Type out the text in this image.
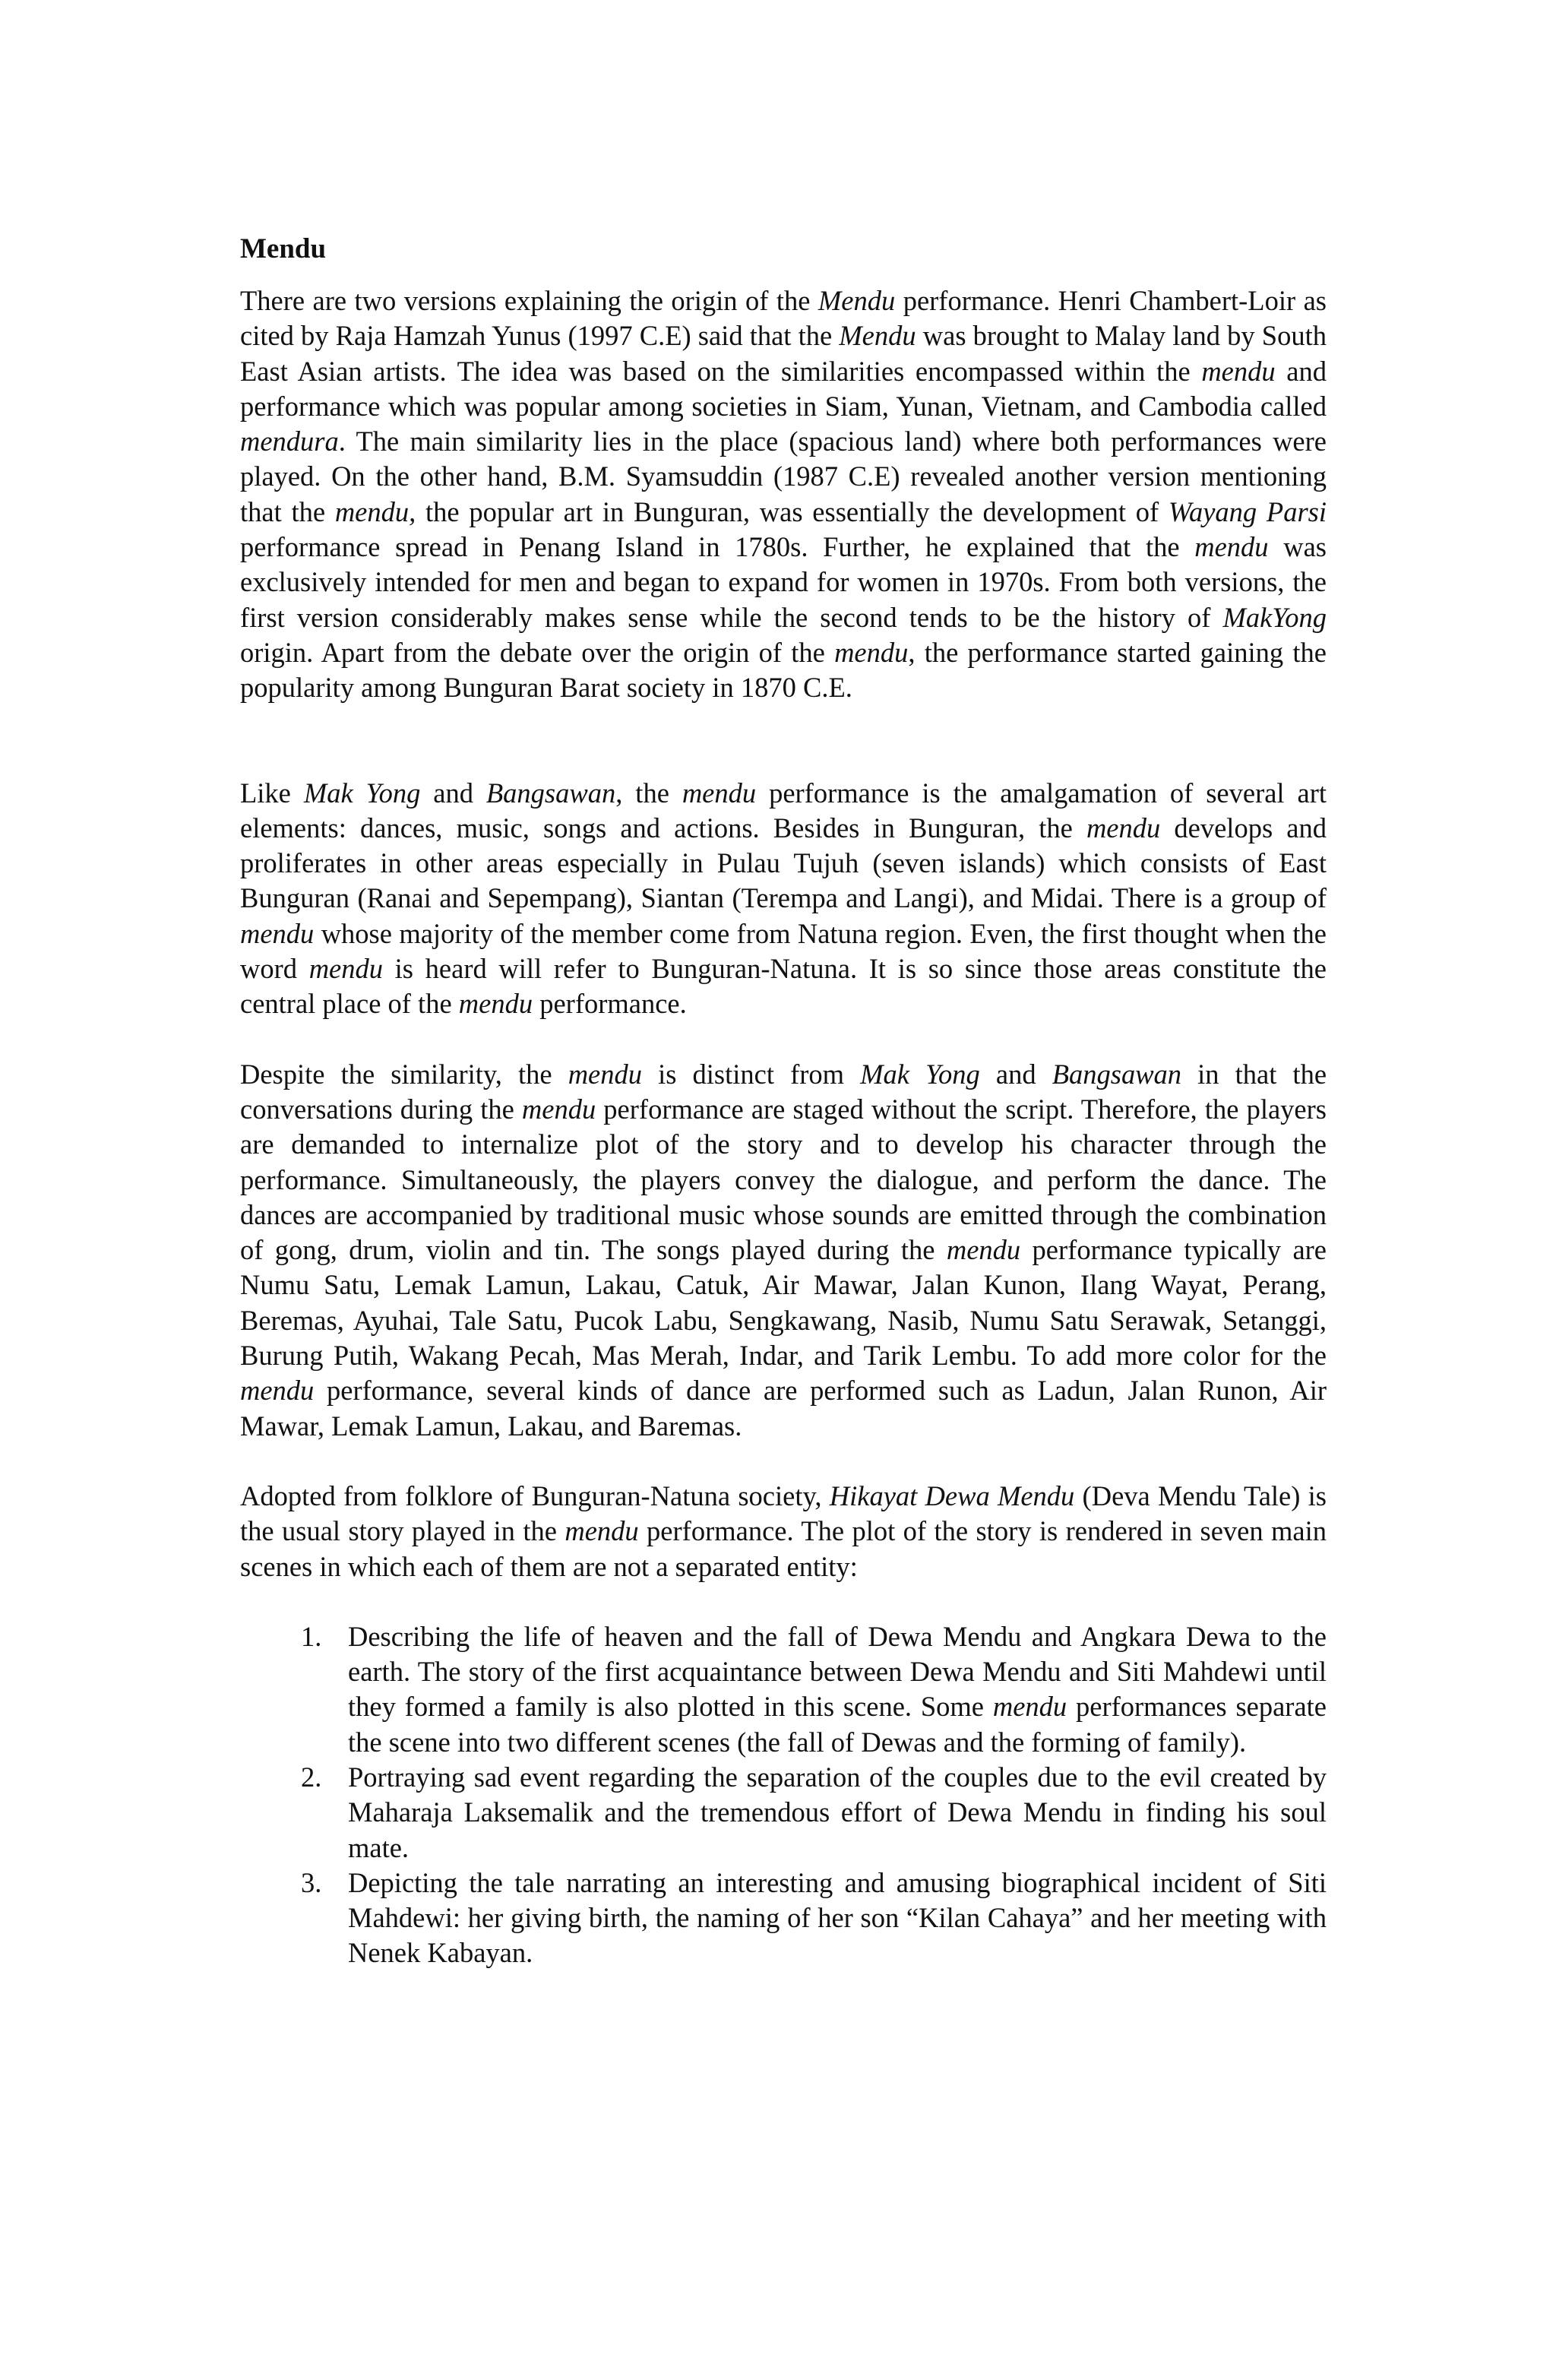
Mendu

There are two versions explaining the origin of the Mendu performance. Henri Chambert-Loir as cited by Raja Hamzah Yunus (1997 C.E) said that the Mendu was brought to Malay land by South East Asian artists. The idea was based on the similarities encompassed within the mendu and performance which was popular among societies in Siam, Yunan, Vietnam, and Cambodia called mendura. The main similarity lies in the place (spacious land) where both performances were played. On the other hand, B.M. Syamsuddin (1987 C.E) revealed another version mentioning that the mendu, the popular art in Bunguran, was essentially the development of Wayang Parsi performance spread in Penang Island in 1780s. Further, he explained that the mendu was exclusively intended for men and began to expand for women in 1970s. From both versions, the first version considerably makes sense while the second tends to be the history of MakYong origin. Apart from the debate over the origin of the mendu, the performance started gaining the popularity among Bunguran Barat society in 1870 C.E.

Like Mak Yong and Bangsawan, the mendu performance is the amalgamation of several art elements: dances, music, songs and actions. Besides in Bunguran, the mendu develops and proliferates in other areas especially in Pulau Tujuh (seven islands) which consists of East Bunguran (Ranai and Sepempang), Siantan (Terempa and Langi), and Midai. There is a group of mendu whose majority of the member come from Natuna region. Even, the first thought when the word mendu is heard will refer to Bunguran-Natuna. It is so since those areas constitute the central place of the mendu performance.

Despite the similarity, the mendu is distinct from Mak Yong and Bangsawan in that the conversations during the mendu performance are staged without the script. Therefore, the players are demanded to internalize plot of the story and to develop his character through the performance. Simultaneously, the players convey the dialogue, and perform the dance. The dances are accompanied by traditional music whose sounds are emitted through the combination of gong, drum, violin and tin. The songs played during the mendu performance typically are Numu Satu, Lemak Lamun, Lakau, Catuk, Air Mawar, Jalan Kunon, Ilang Wayat, Perang, Beremas, Ayuhai, Tale Satu, Pucok Labu, Sengkawang, Nasib, Numu Satu Serawak, Setanggi, Burung Putih, Wakang Pecah, Mas Merah, Indar, and Tarik Lembu. To add more color for the mendu performance, several kinds of dance are performed such as Ladun, Jalan Runon, Air Mawar, Lemak Lamun, Lakau, and Baremas.

Adopted from folklore of Bunguran-Natuna society, Hikayat Dewa Mendu (Deva Mendu Tale) is the usual story played in the mendu performance. The plot of the story is rendered in seven main scenes in which each of them are not a separated entity:

1. Describing the life of heaven and the fall of Dewa Mendu and Angkara Dewa to the earth. The story of the first acquaintance between Dewa Mendu and Siti Mahdewi until they formed a family is also plotted in this scene. Some mendu performances separate the scene into two different scenes (the fall of Dewas and the forming of family).
2. Portraying sad event regarding the separation of the couples due to the evil created by Maharaja Laksemalik and the tremendous effort of Dewa Mendu in finding his soul mate.
3. Depicting the tale narrating an interesting and amusing biographical incident of Siti Mahdewi: her giving birth, the naming of her son “Kilan Cahaya” and her meeting with Nenek Kabayan.
